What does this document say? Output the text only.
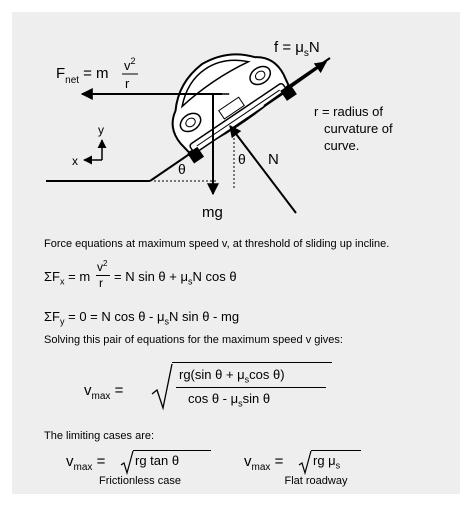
y
x
$F_{net} = m$ $v^2$
r
$f = \mu_sN$
r = radius of
curvature of
curve.
θ
θ N
mg
Force equations at maximum speed v, at threshold of sliding up incline.
$\Sigma F_x = m$
$v^2$
r = N $\sin \theta + \mu_sN$ cos θ
$\Sigma F_y = 0 = N$ cos θ - $\mu_sN$ sin θ - mg
Solving this pair of equations for the maximum speed v gives:
$v_{max}$ =
rg(sin $\theta + \mu_s\cos$ θ)
cos θ - $\mu_s\sin$ θ
The limiting cases are:
$v_{max}$ = rg tan θ	$v_{max}$ = rg $\mu_s$
Frictionless case	Flat roadway
